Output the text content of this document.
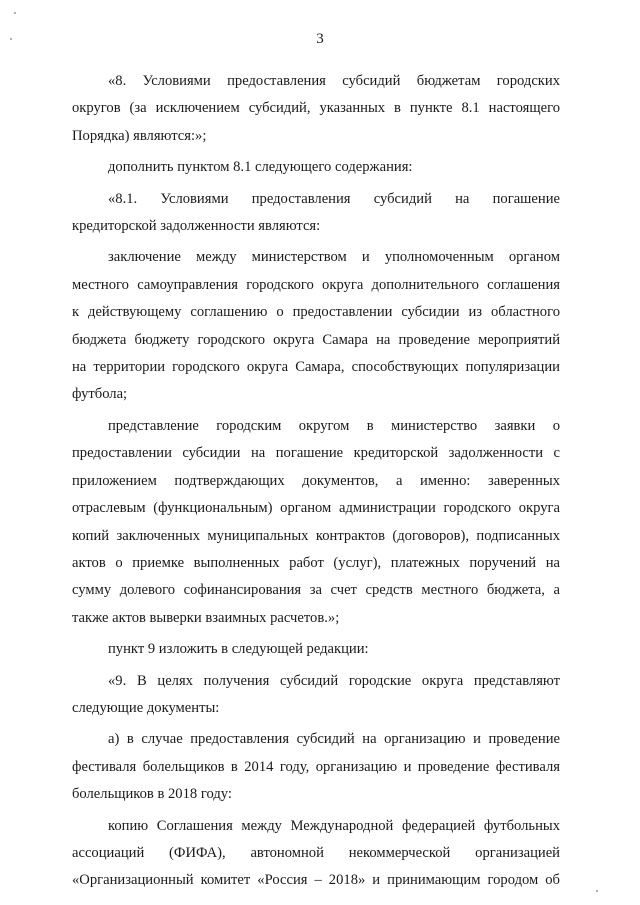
3
«8. Условиями предоставления субсидий бюджетам городских
округов (за исключением субсидий, указанных в пункте 8.1 настоящего
Порядка) являются:»;
дополнить пунктом 8.1 следующего содержания:
«8.1. Условиями предоставления субсидий на погашение
кредиторской задолженности являются:
заключение между министерством и уполномоченным органом
местного самоуправления городского округа дополнительного соглашения
к действующему соглашению о предоставлении субсидии из областного
бюджета бюджету городского округа Самара на проведение мероприятий
на территории городского округа Самара, способствующих популяризации
футбола;
представление городским округом в министерство заявки о
предоставлении субсидии на погашение кредиторской задолженности с
приложением подтверждающих документов, а именно: заверенных
отраслевым (функциональным) органом администрации городского округа
копий заключенных муниципальных контрактов (договоров), подписанных
актов о приемке выполненных работ (услуг), платежных поручений на
сумму долевого софинансирования за счет средств местного бюджета, а
также актов выверки взаимных расчетов.»;
пункт 9 изложить в следующей редакции:
«9. В целях получения субсидий городские округа представляют
следующие документы:
а) в случае предоставления субсидий на организацию и проведение
фестиваля болельщиков в 2014 году, организацию и проведение фестиваля
болельщиков в 2018 году:
копию Соглашения между Международной федерацией футбольных
ассоциаций (ФИФА), автономной некоммерческой организацией
«Организационный комитет «Россия – 2018» и принимающим городом об
